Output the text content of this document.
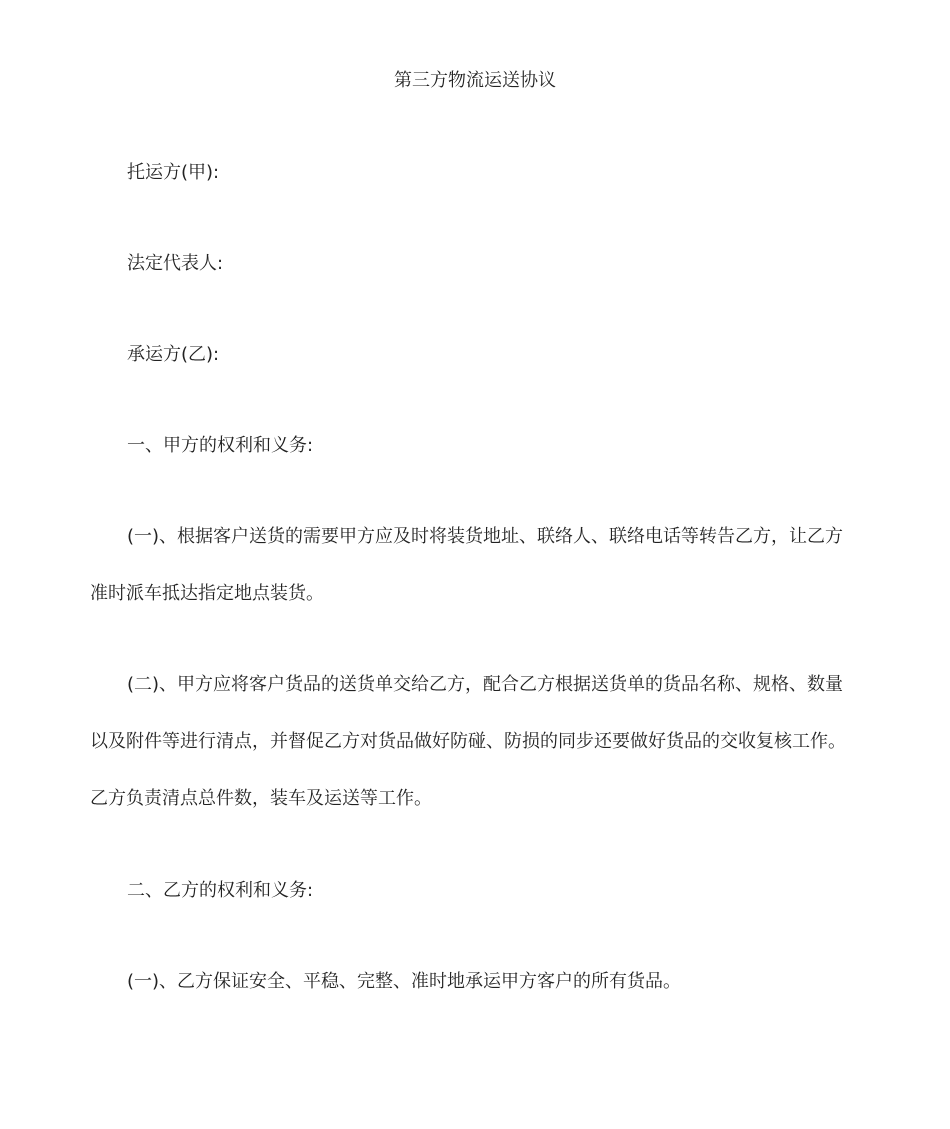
第三方物流运送协议

托运方(甲):

法定代表人:

承运方(乙):

一、甲方的权利和义务:

(一)、根据客户送货的需要甲方应及时将装货地址、联络人、联络电话等转告乙方，让乙方
准时派车抵达指定地点装货。
(二)、甲方应将客户货品的送货单交给乙方，配合乙方根据送货单的货品名称、规格、数量
以及附件等进行清点，并督促乙方对货品做好防碰、防损的同步还要做好货品的交收复核工作。
乙方负责清点总件数，装车及运送等工作。

二、乙方的权利和义务:

(一)、乙方保证安全、平稳、完整、准时地承运甲方客户的所有货品。
